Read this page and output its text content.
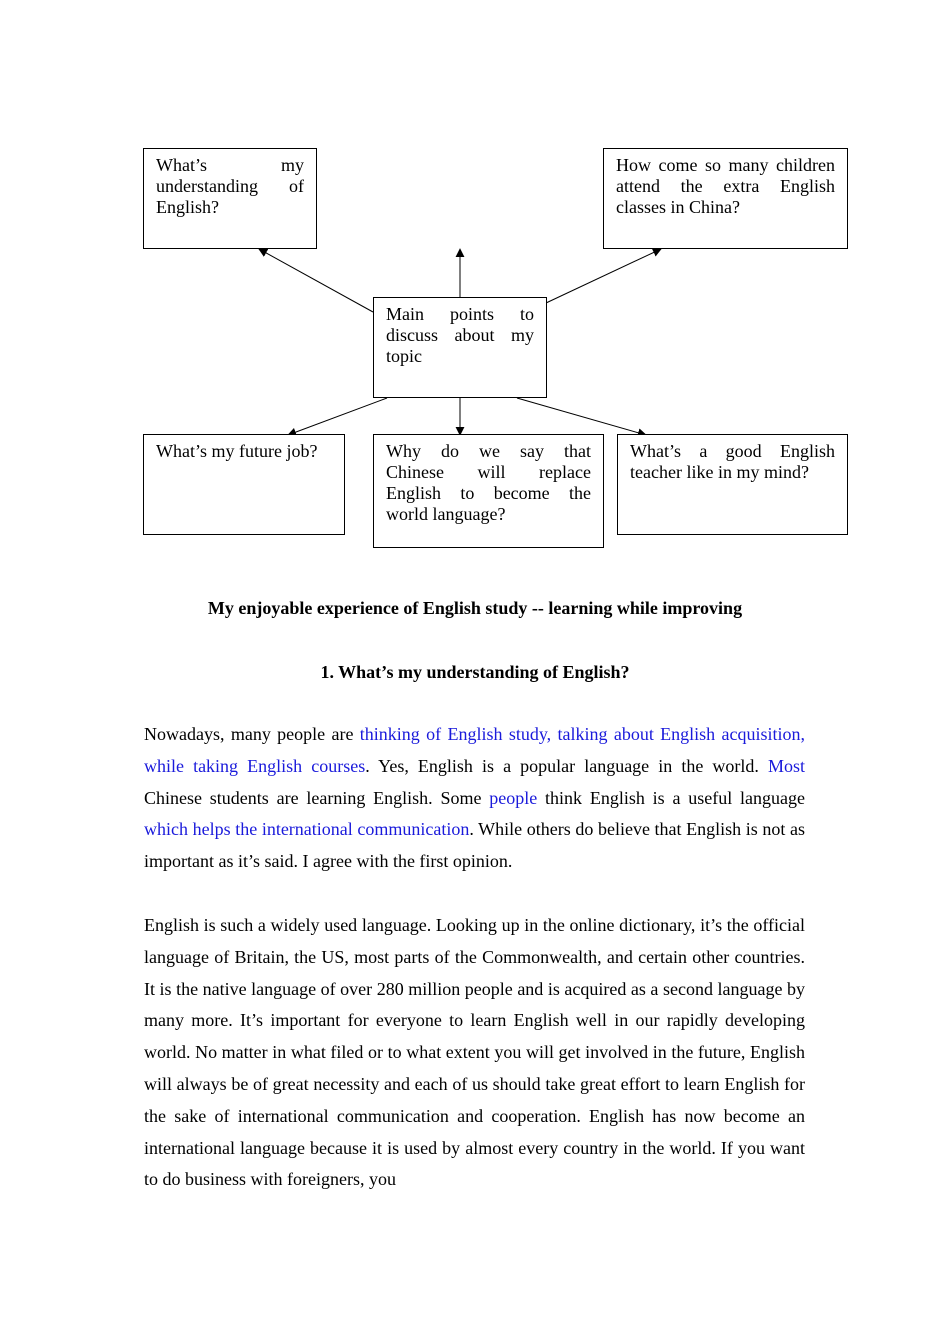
What’s my understanding of English?
How come so many children attend the extra English classes in China?
Main points to discuss about my topic
What’s my future job?	Why do we say that Chinese will replace English to become the world language?
What’s a good English teacher like in my mind?
My enjoyable experience of English study -- learning while improving
1. What’s my understanding of English?

Nowadays, many people are thinking of English study, talking about English acquisition, while taking English courses. Yes, English is a popular language in the world. Most Chinese students are learning English. Some people think English is a useful language which helps the international communication. While others do believe that English is not as important as it’s said. I agree with the first opinion.

English is such a widely used language. Looking up in the online dictionary, it’s the official language of Britain, the US, most parts of the Commonwealth, and certain other countries. It is the native language of over 280 million people and is acquired as a second language by many more. It’s important for everyone to learn English well in our rapidly developing world. No matter in what filed or to what extent you will get involved in the future, English will always be of great necessity and each of us should take great effort to learn English for the sake of international communication and cooperation. English has now become an international language because it is used by almost every country in the world. If you want to do business with foreigners, you
